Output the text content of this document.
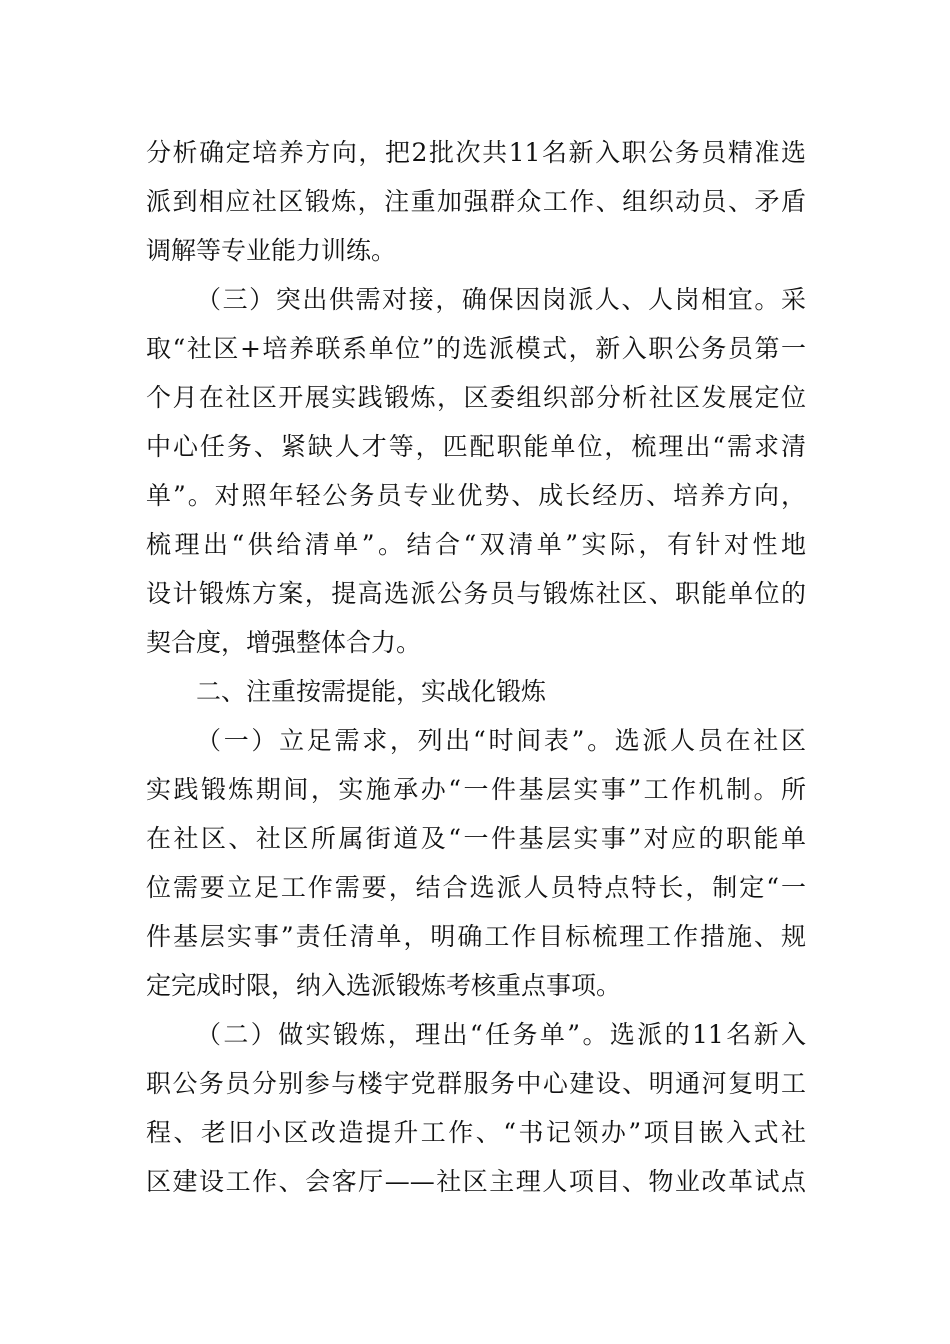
分析确定培养方向，把2批次共11名新入职公务员精准选
派到相应社区锻炼，注重加强群众工作、组织动员、矛盾
调解等专业能力训练。
（三）突出供需对接，确保因岗派人、人岗相宜。采
取“社区+培养联系单位”的选派模式，新入职公务员第一
个月在社区开展实践锻炼，区委组织部分析社区发展定位
中心任务、紧缺人才等，匹配职能单位，梳理出“需求清
单”。对照年轻公务员专业优势、成长经历、培养方向，
梳理出“供给清单”。结合“双清单”实际，有针对性地
设计锻炼方案，提高选派公务员与锻炼社区、职能单位的
契合度，增强整体合力。
二、注重按需提能，实战化锻炼
（一）立足需求，列出“时间表”。选派人员在社区
实践锻炼期间，实施承办“一件基层实事”工作机制。所
在社区、社区所属街道及“一件基层实事”对应的职能单
位需要立足工作需要，结合选派人员特点特长，制定“一
件基层实事”责任清单，明确工作目标梳理工作措施、规
定完成时限，纳入选派锻炼考核重点事项。
（二）做实锻炼，理出“任务单”。选派的11名新入
职公务员分别参与楼宇党群服务中心建设、明通河复明工
程、老旧小区改造提升工作、“书记领办”项目嵌入式社
区建设工作、会客厅——社区主理人项目、物业改革试点
